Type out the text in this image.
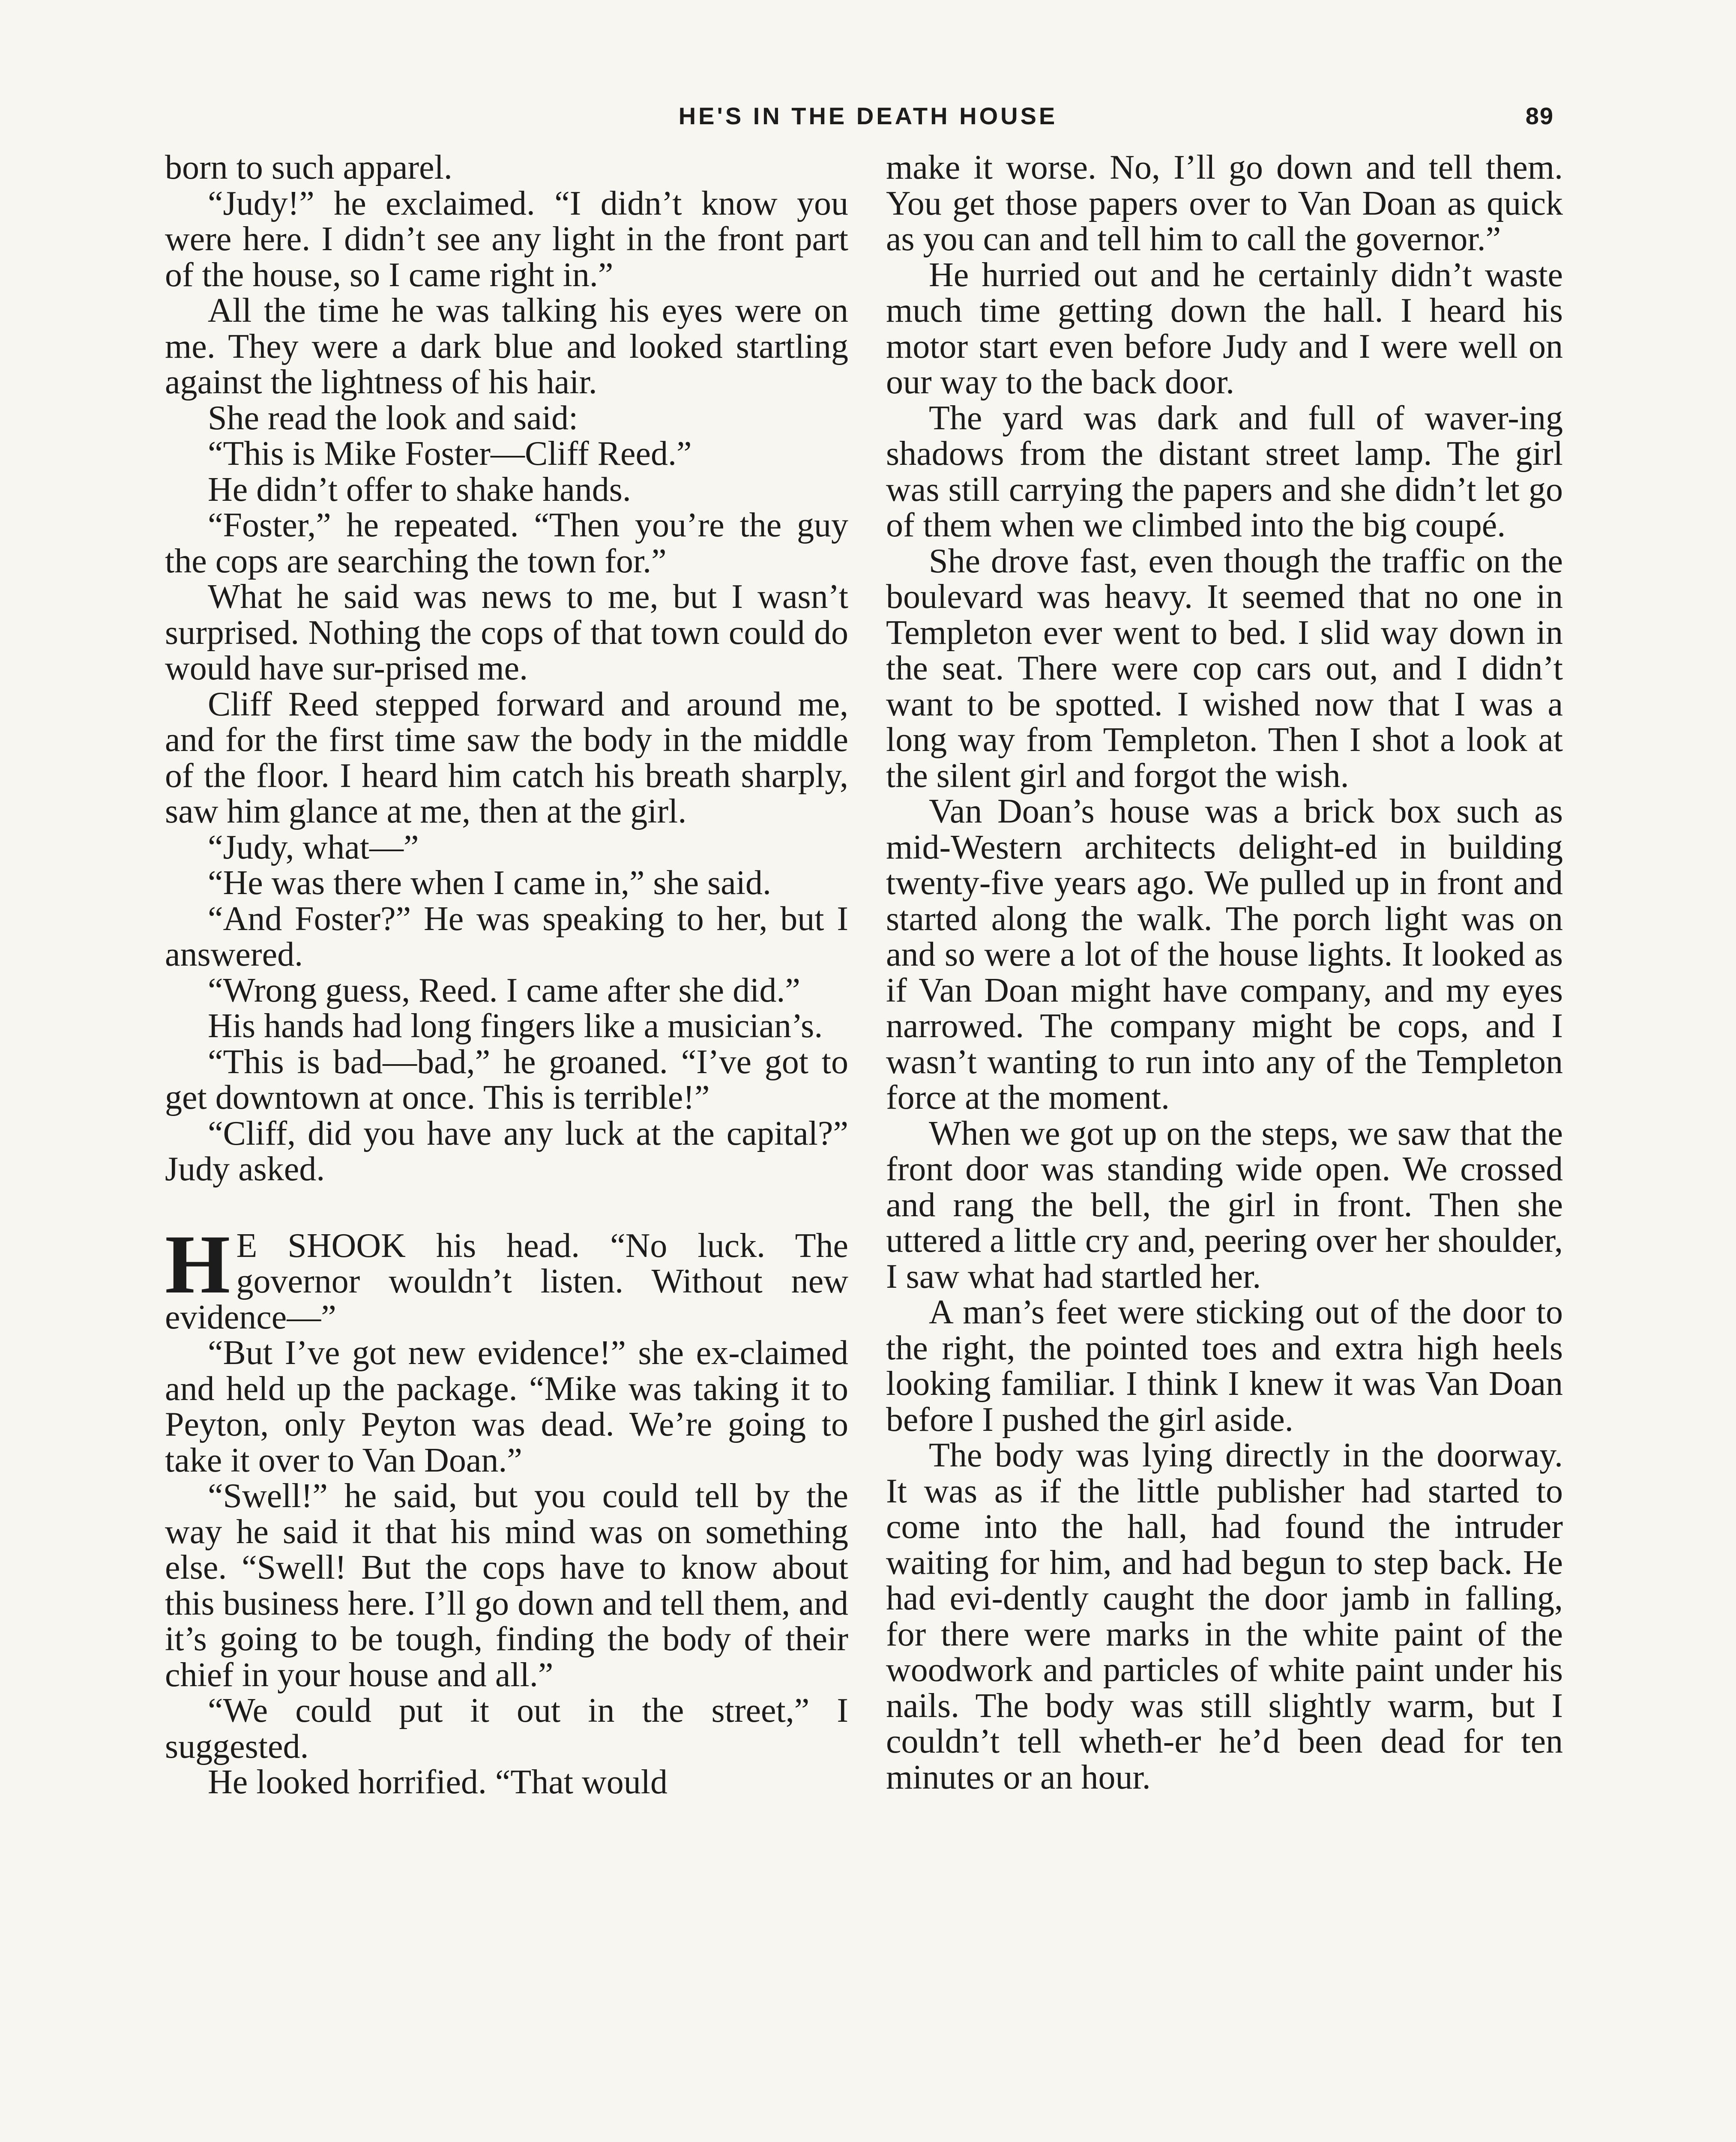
HE'S IN THE DEATH HOUSE	89

born to such apparel.

“Judy!” he exclaimed. “I didn’t know you were here. I didn’t see any light in the front part of the house, so I came right in.”

All the time he was talking his eyes were on me. They were a dark blue and looked startling against the lightness of his hair.

She read the look and said:

“This is Mike Foster—Cliff Reed.”

He didn’t offer to shake hands.

“Foster,” he repeated. “Then you’re the guy the cops are searching the town for.”

What he said was news to me, but I wasn’t surprised. Nothing the cops of that town could do would have sur-prised me.

Cliff Reed stepped forward and around me, and for the first time saw the body in the middle of the floor. I heard him catch his breath sharply, saw him glance at me, then at the girl.

“Judy, what—”

“He was there when I came in,” she said.

“And Foster?” He was speaking to her, but I answered.

“Wrong guess, Reed. I came after she did.”

His hands had long fingers like a musician’s.

“This is bad—bad,” he groaned. “I’ve got to get downtown at once. This is terrible!”

“Cliff, did you have any luck at the capital?” Judy asked.

H E SHOOK his head. “No luck. The governor wouldn’t listen. Without new evidence—”

“But I’ve got new evidence!” she ex-claimed and held up the package. “Mike was taking it to Peyton, only Peyton was dead. We’re going to take it over to Van Doan.”

“Swell!” he said, but you could tell by the way he said it that his mind was on something else. “Swell! But the cops have to know about this business here. I’ll go down and tell them, and it’s going to be tough, finding the body of their chief in your house and all.”

“We could put it out in the street,” I suggested.

He looked horrified. “That would

make it worse. No, I’ll go down and tell them. You get those papers over to Van Doan as quick as you can and tell him to call the governor.”

He hurried out and he certainly didn’t waste much time getting down the hall. I heard his motor start even before Judy and I were well on our way to the back door.

The yard was dark and full of waver-ing shadows from the distant street lamp. The girl was still carrying the papers and she didn’t let go of them when we climbed into the big coupé.

She drove fast, even though the traffic on the boulevard was heavy. It seemed that no one in Templeton ever went to bed. I slid way down in the seat. There were cop cars out, and I didn’t want to be spotted. I wished now that I was a long way from Templeton. Then I shot a look at the silent girl and forgot the wish.

Van Doan’s house was a brick box such as mid-Western architects delight-ed in building twenty-five years ago. We pulled up in front and started along the walk. The porch light was on and so were a lot of the house lights. It looked as if Van Doan might have company, and my eyes narrowed. The company might be cops, and I wasn’t wanting to run into any of the Templeton force at the moment.

When we got up on the steps, we saw that the front door was standing wide open. We crossed and rang the bell, the girl in front. Then she uttered a little cry and, peering over her shoulder, I saw what had startled her.

A man’s feet were sticking out of the door to the right, the pointed toes and extra high heels looking familiar. I think I knew it was Van Doan before I pushed the girl aside.

The body was lying directly in the doorway. It was as if the little publisher had started to come into the hall, had found the intruder waiting for him, and had begun to step back. He had evi-dently caught the door jamb in falling, for there were marks in the white paint of the woodwork and particles of white paint under his nails. The body was still slightly warm, but I couldn’t tell wheth-er he’d been dead for ten minutes or an hour.
